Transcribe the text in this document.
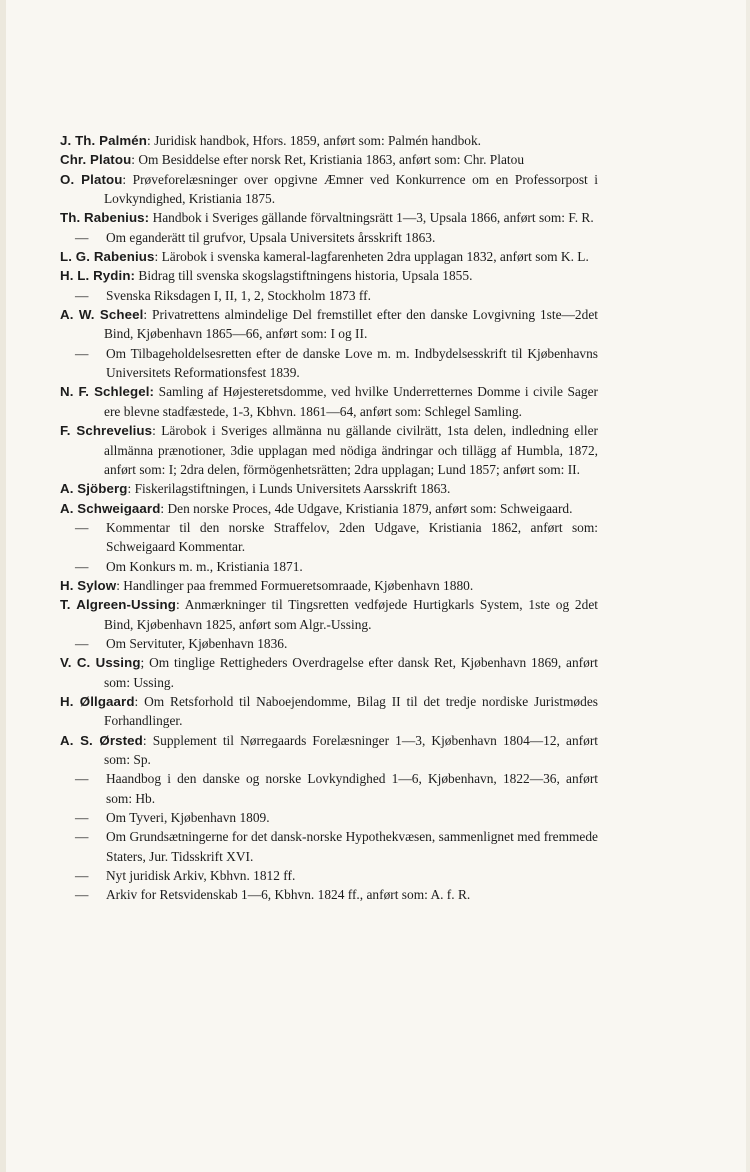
J. Th. Palmén: Juridisk handbok, Hfors. 1859, anført som: Palmén handbok.
Chr. Platou: Om Besiddelse efter norsk Ret, Kristiania 1863, anført som: Chr. Platou
O. Platou: Prøveforelæsninger over opgivne Æmner ved Konkurrence om en Professorpost i Lovkyndighed, Kristiania 1875.
Th. Rabenius: Handbok i Sveriges gällande förvaltningsrätt 1—3, Upsala 1866, anført som: F. R.
— Om eganderätt til grufvor, Upsala Universitets årsskrift 1863.
L. G. Rabenius: Lärobok i svenska kameral-lagfarenheten 2dra upplagan 1832, anført som K. L.
H. L. Rydin: Bidrag till svenska skogslagstiftningens historia, Upsala 1855.
— Svenska Riksdagen I, II, 1, 2, Stockholm 1873 ff.
A. W. Scheel: Privatrettens almindelige Del fremstillet efter den danske Lovgivning 1ste—2det Bind, Kjøbenhavn 1865—66, anført som: I og II.
— Om Tilbageholdelsesretten efter de danske Love m. m. Indbydelsesskrift til Kjøbenhavns Universitets Reformationsfest 1839.
N. F. Schlegel: Samling af Højesteretsdomme, ved hvilke Underretternes Domme i civile Sager ere blevne stadfæstede, 1-3, Kbhvn. 1861—64, anført som: Schlegel Samling.
F. Schrevelius: Lärobok i Sveriges allmänna nu gällande civilrätt, 1sta delen, indledning eller allmänna prænotioner, 3die upplagan med nödiga ändringar och tillägg af Humbla, 1872, anført som: I; 2dra delen, förmögenhetsrätten; 2dra upplagan; Lund 1857; anført som: II.
A. Sjöberg: Fiskerilagstiftningen, i Lunds Universitets Aarsskrift 1863.
A. Schweigaard: Den norske Proces, 4de Udgave, Kristiania 1879, anført som: Schweigaard.
— Kommentar til den norske Straffelov, 2den Udgave, Kristiania 1862, anført som: Schweigaard Kommentar.
— Om Konkurs m. m., Kristiania 1871.
H. Sylow: Handlinger paa fremmed Formueretsomraade, Kjøbenhavn 1880.
T. Algreen-Ussing: Anmærkninger til Tingsretten vedføjede Hurtigkarls System, 1ste og 2det Bind, Kjøbenhavn 1825, anført som Algr.-Ussing.
— Om Servituter, Kjøbenhavn 1836.
V. C. Ussing; Om tinglige Rettigheders Overdragelse efter dansk Ret, Kjøbenhavn 1869, anført som: Ussing.
H. Øllgaard: Om Retsforhold til Naboejendomme, Bilag II til det tredje nordiske Juristmødes Forhandlinger.
A. S. Ørsted: Supplement til Nørregaards Forelæsninger 1—3, Kjøbenhavn 1804—12, anført som: Sp.
— Haandbog i den danske og norske Lovkyndighed 1—6, Kjøbenhavn, 1822—36, anført som: Hb.
— Om Tyveri, Kjøbenhavn 1809.
— Om Grundsætningerne for det dansk-norske Hypothekvæsen, sammenlignet med fremmede Staters, Jur. Tidsskrift XVI.
— Nyt juridisk Arkiv, Kbhvn. 1812 ff.
— Arkiv for Retsvidenskab 1—6, Kbhvn. 1824 ff., anført som: A. f. R.
